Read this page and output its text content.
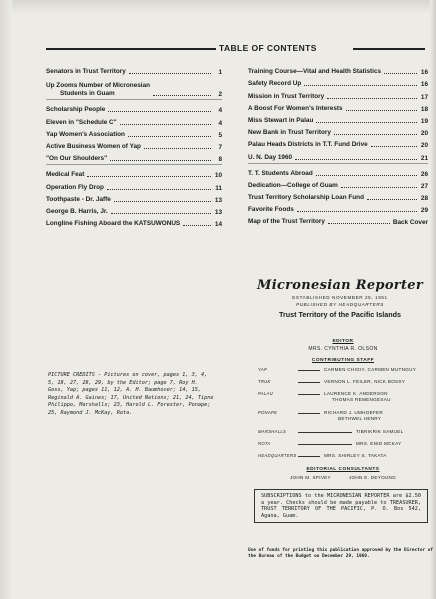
TABLE OF CONTENTS
Senators in Trust Territory	1
Up Zooms Number of Micronesian
Students in Guam	2
Scholarship People	4
Eleven in "Schedule C"	4
Yap Women's Association	5
Active Business Women of Yap	7
"On Our Shoulders"	8
Medical Feat	10
Operation Fly Drop	11
Toothpaste - Dr. Jaffe	13
George B. Harris, Jr.	13
Longline Fishing Aboard the KATSUWONUS	14
Training Course—Vital and Health Statistics	16
Safety Record Up	16
Mission in Trust Territory	17
A Boost For Women's Interests	18
Miss Stewart in Palau	19
New Bank in Trust Territory	20
Palau Heads Districts in T.T. Fund Drive	20
U. N. Day 1960	21
T. T. Students Abroad	26
Dedication—College of Guam	27
Trust Territory Scholarship Loan Fund	28
Favorite Foods	29
Map of the Trust Territory	Back Cover
Micronesian Reporter
ESTABLISHED NOVEMBER 25, 1951
PUBLISHED BY HEADQUARTERS
Trust Territory of the Pacific Islands
EDITOR
MRS. CYNTHIA R. OLSON
CONTRIBUTING STAFF
YAP	CARMEN CHIGIY, CARMEN MUTNGUY
TRUK	VERNON L. FEILER, NICK BOSSY
PALAU	LAURENCE K. ANDERSON
THOMAS REMENGESAU
PONAPE	RICHARD J. UMHOEFER
BETHWEL HENRY
MARSHALLS	TIBRIKRIK SAMUEL
ROTA	MRS. ENID MCKAY
HEADQUARTERS	MRS. SHIRLEY S. TAKATA
EDITORIAL CONSULTANTS
JOHN M. SPIVEY	JOHN E. DEYOUNG
PICTURE CREDITS - Pictures on cover, pages 1, 3, 4, 5, 18, 27, 28, 29, by the Editor; page 7, Roy H. Goss, Yap; pages 11, 12, A. H. Baumhover; 14, 15, Reginald A. Gaines; 17, United Nations; 21, 24, Tipne Philippo, Marshalls; 23, Harold L. Forester, Ponape; 25, Raymond J. McKay, Rota.
SUBSCRIPTIONS to the MICRONESIAN REPORTER are $2.50 a year. Checks should be made payable to TREASURER, TRUST TERRITORY OF THE PACIFIC, P. O. Box 542, Agana, Guam.
Use of funds for printing this publication approved by the Director of the Bureau of the Budget on December 29, 1960.
